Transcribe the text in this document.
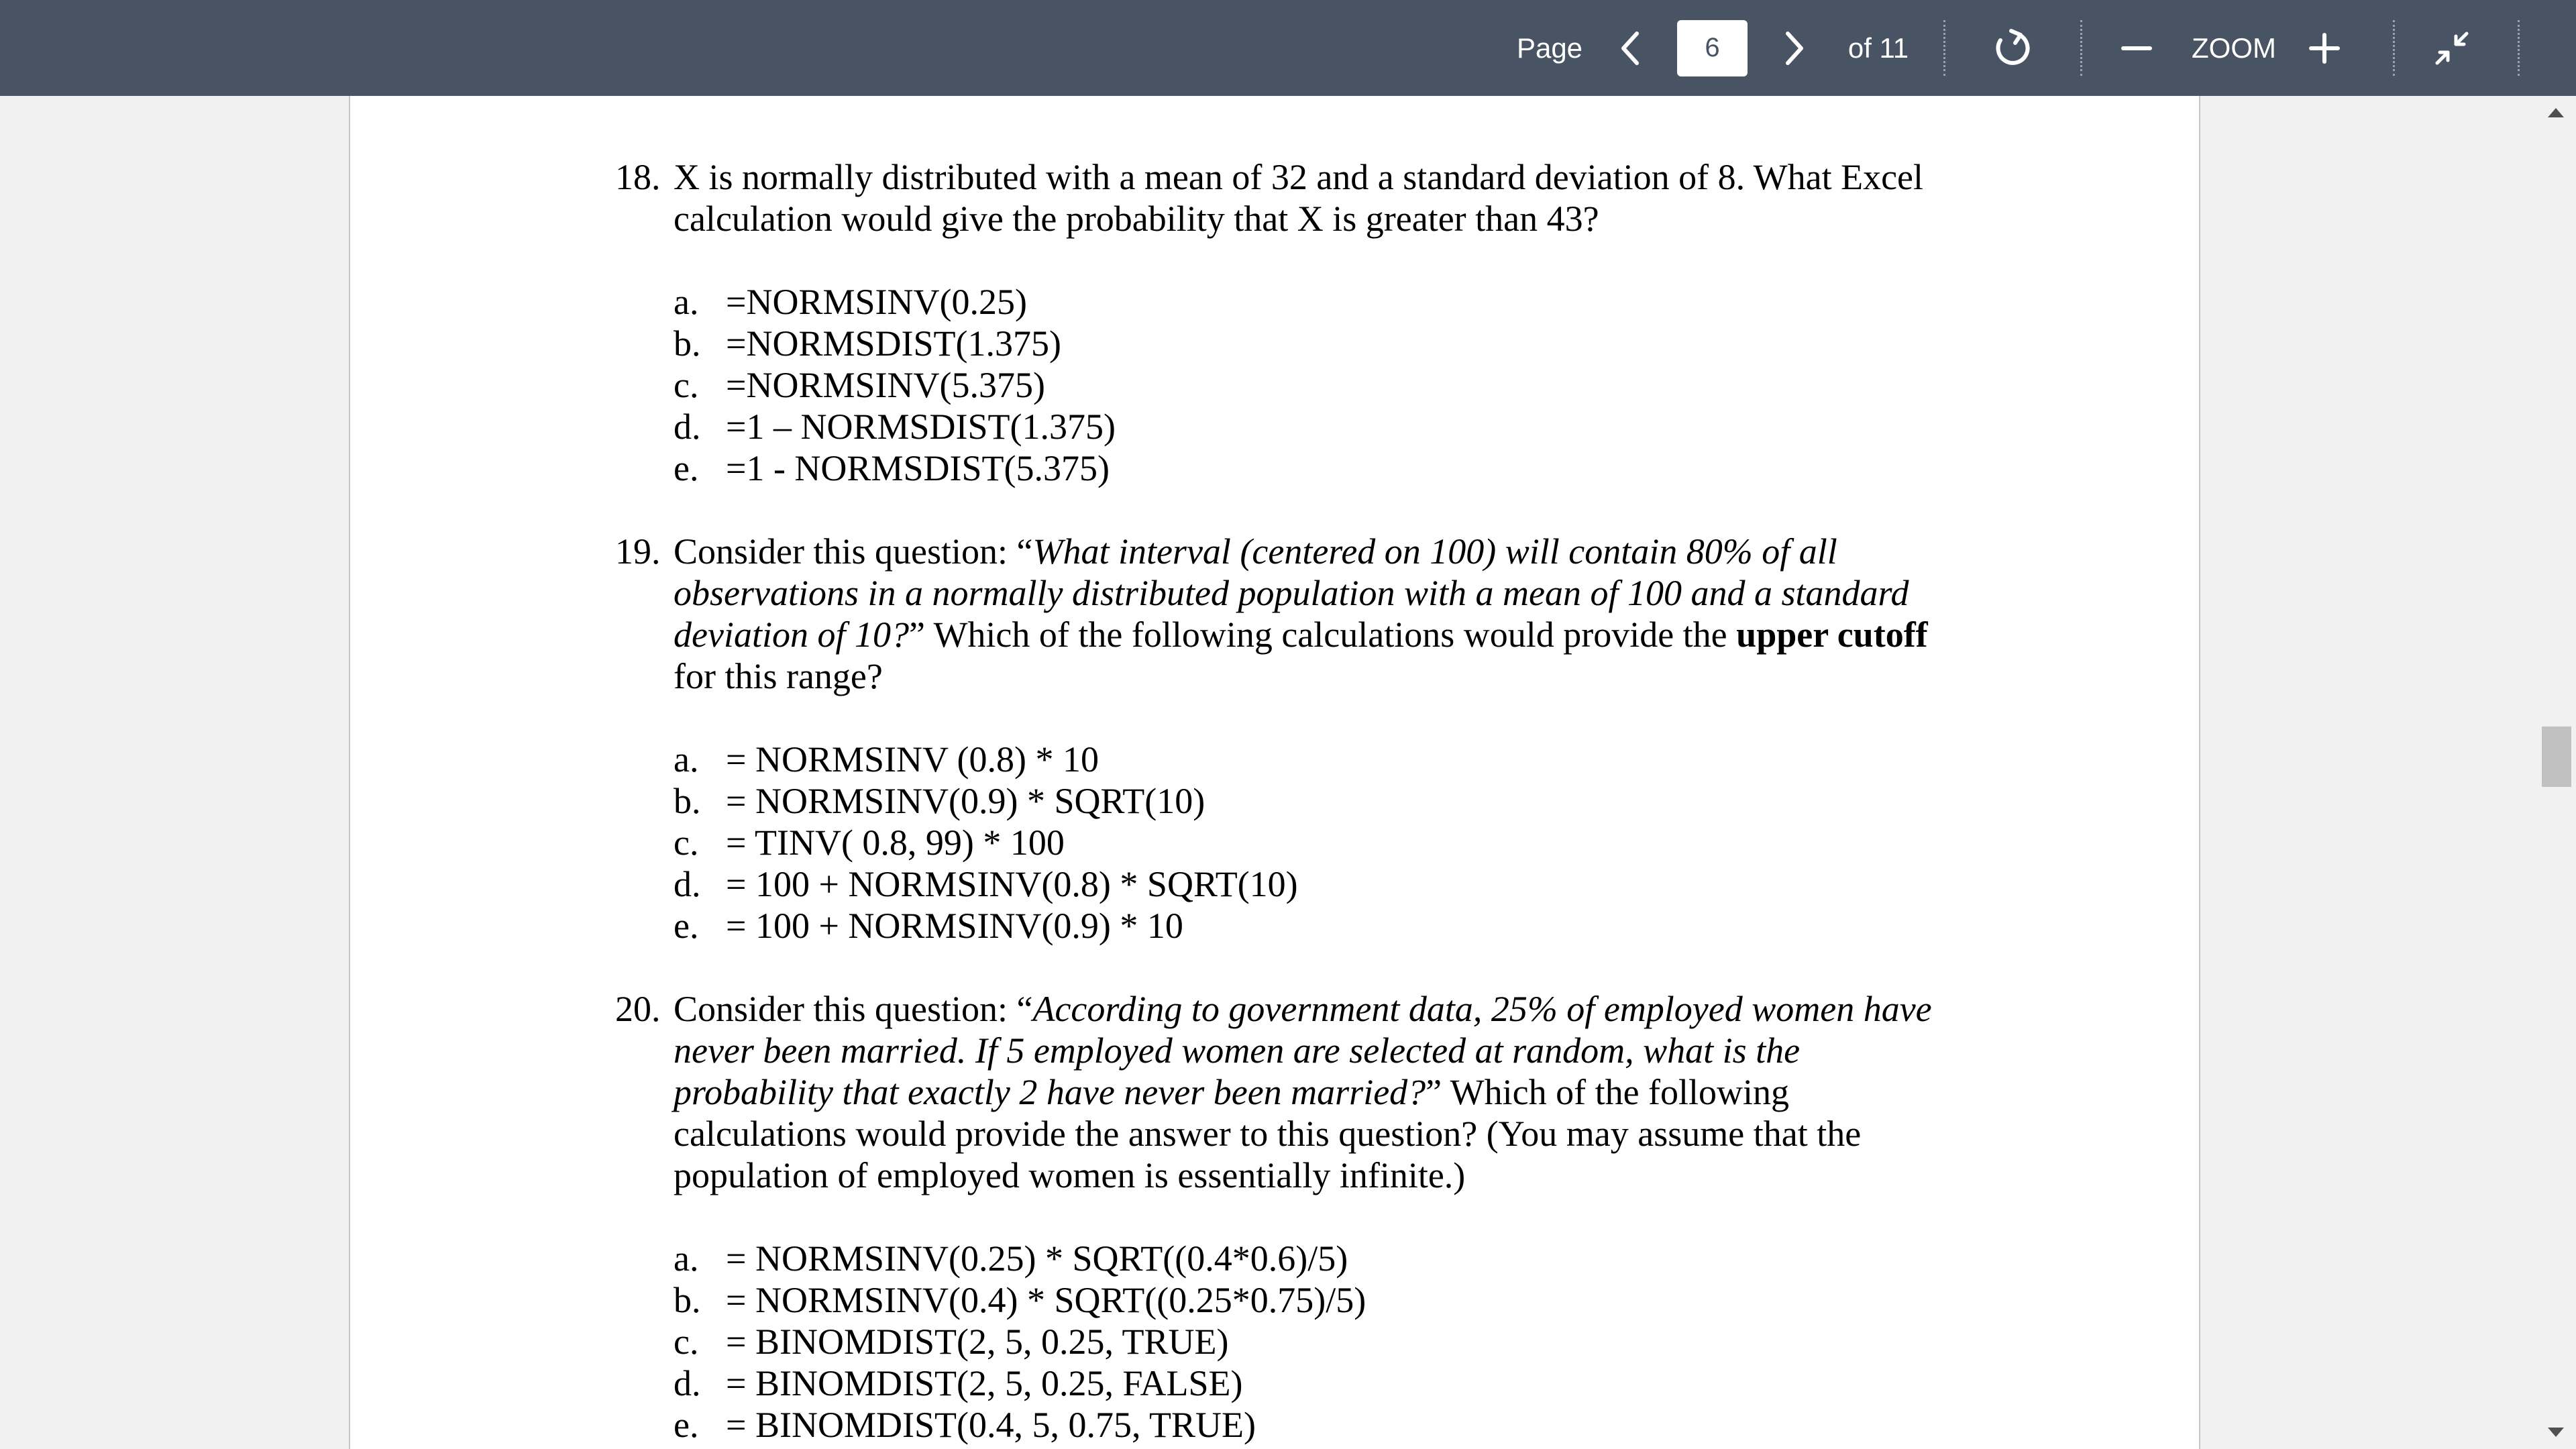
Page
6	of 11	ZOOM
18. X is normally distributed with a mean of 32 and a standard deviation of 8. What Excel calculation would give the probability that X is greater than 43?

a. =NORMSINV(0.25)
b. =NORMSDIST(1.375)
c. =NORMSINV(5.375)
d. =1 – NORMSDIST(1.375)
e. =1 - NORMSDIST(5.375)
19. Consider this question: “What interval (centered on 100) will contain 80% of all observations in a normally distributed population with a mean of 100 and a standard deviation of 10?” Which of the following calculations would provide the upper cutoff for this range?

a. = NORMSINV (0.8) * 10
b. = NORMSINV(0.9) * SQRT(10)
c. = TINV( 0.8, 99) * 100
d. = 100 + NORMSINV(0.8) * SQRT(10)
e. = 100 + NORMSINV(0.9) * 10
20. Consider this question: “According to government data, 25% of employed women have never been married. If 5 employed women are selected at random, what is the probability that exactly 2 have never been married?” Which of the following calculations would provide the answer to this question? (You may assume that the population of employed women is essentially infinite.)

a. = NORMSINV(0.25) * SQRT((0.4*0.6)/5)
b. = NORMSINV(0.4) * SQRT((0.25*0.75)/5)
c. = BINOMDIST(2, 5, 0.25, TRUE)
d. = BINOMDIST(2, 5, 0.25, FALSE)
e. = BINOMDIST(0.4, 5, 0.75, TRUE)
